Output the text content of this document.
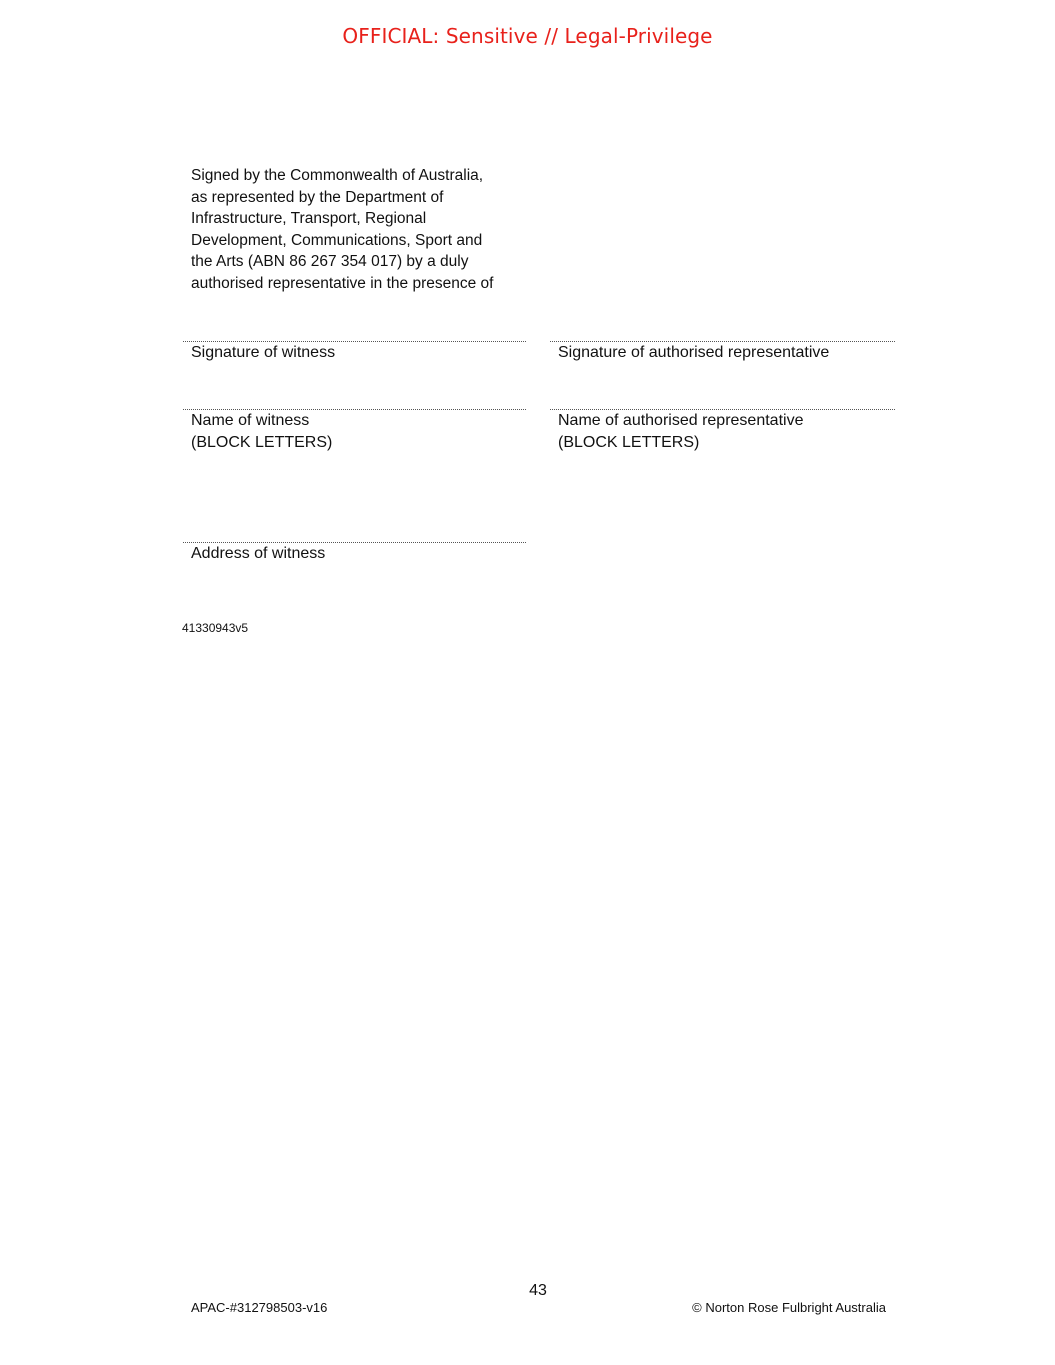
OFFICIAL: Sensitive // Legal-Privilege
Signed by the Commonwealth of Australia,
as represented by the Department of
Infrastructure, Transport, Regional
Development, Communications, Sport and
the Arts (ABN 86 267 354 017) by a duly
authorised representative in the presence of
Signature of witness	Signature of authorised representative
Name of witness
(BLOCK LETTERS)
Name of authorised representative
(BLOCK LETTERS)
Address of witness
41330943v5
43
APAC-#312798503-v16	© Norton Rose Fulbright Australia
